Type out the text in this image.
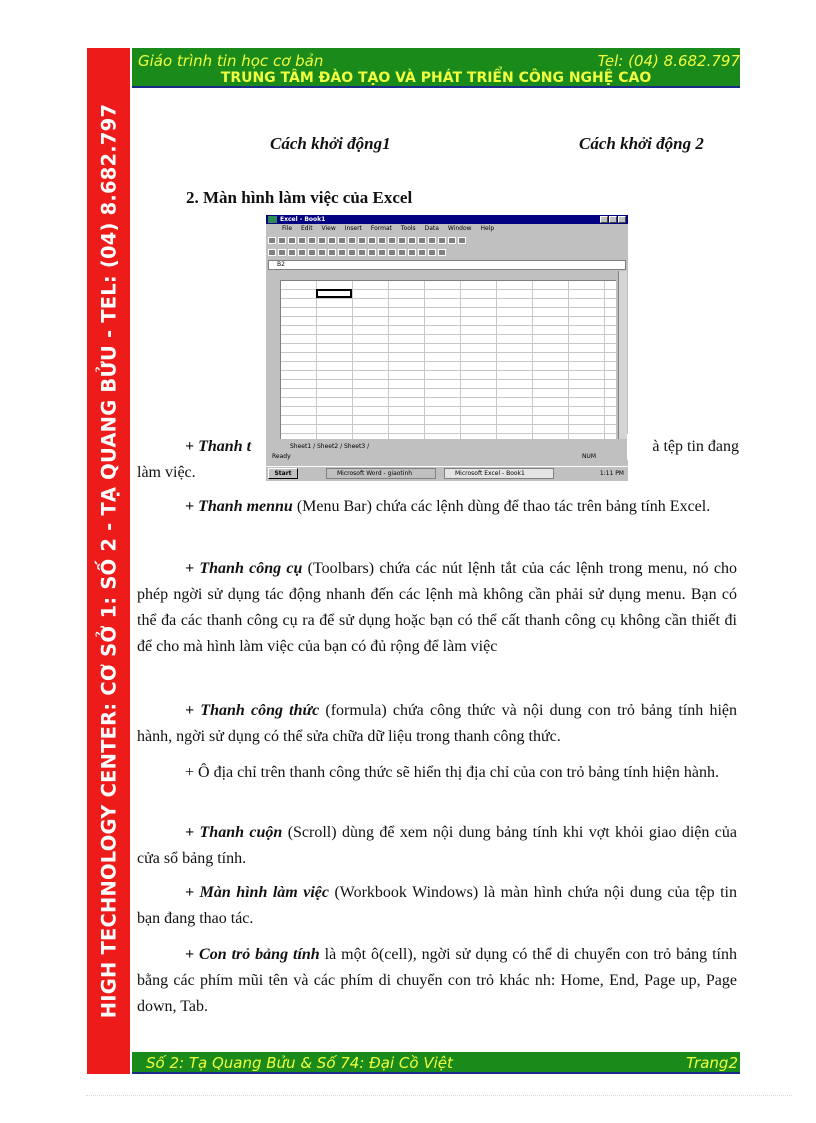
HIGH TECHNOLOGY CENTER: CƠ SỞ 1: SỐ 2 - TẠ QUANG BỬU - TEL: (04) 8.682.797
Giáo trình tin học cơ bản	Tel: (04) 8.682.797
TRUNG TÂM ĐÀO TẠO VÀ PHÁT TRIỂN CÔNG NGHỆ CAO
Cách khởi động1	Cách khởi động 2
2. Màn hình làm việc của Excel
Excel - Book1
File Edit View Insert Format Tools Data Window Help
B2
Sheet1 / Sheet2 / Sheet3 /
Ready	NUM
Start	Microsoft Word - giaotinh	Microsoft Excel - Book1	1:11 PM
+ Thanh t
làm việc.
à tệp tin đang
+ Thanh mennu (Menu Bar) chứa các lệnh dùng để thao tác trên bảng tính Excel.
+ Thanh công cụ (Toolbars) chứa các nút lệnh tắt của các lệnh trong menu, nó cho phép ngời sử dụng tác động nhanh đến các lệnh mà không cần phải sử dụng menu. Bạn có thể đa các thanh công cụ ra để sử dụng hoặc bạn có thể cất thanh công cụ không cần thiết đi để cho mà hình làm việc của bạn có đủ rộng để làm việc
+ Thanh công thức (formula) chứa công thức và nội dung con trỏ bảng tính hiện hành, ngời sử dụng có thể sửa chữa dữ liệu trong thanh công thức.
+ Ô địa chỉ trên thanh công thức sẽ hiển thị địa chỉ của con trỏ bảng tính hiện hành.
+ Thanh cuộn (Scroll) dùng để xem nội dung bảng tính khi vợt khỏi giao diện của cửa sổ bảng tính.
+ Màn hình làm việc (Workbook Windows) là màn hình chứa nội dung của tệp tin bạn đang thao tác.
+ Con trỏ bảng tính là một ô(cell), ngời sử dụng có thể di chuyển con trỏ bảng tính bằng các phím mũi tên và các phím di chuyển con trỏ khác nh: Home, End, Page up, Page down, Tab.
Số 2: Tạ Quang Bửu & Số 74: Đại Cồ Việt	Trang2
